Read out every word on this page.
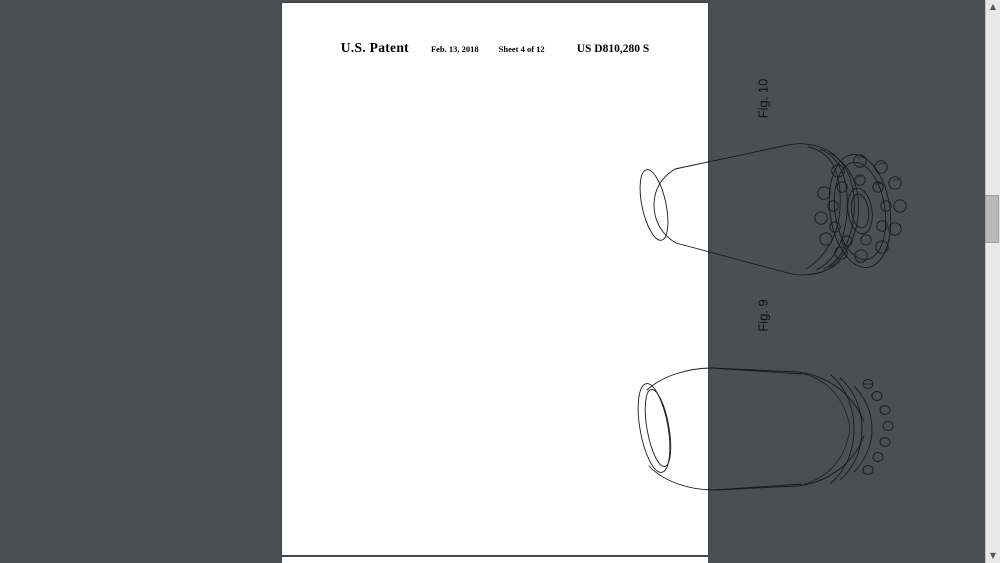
U.S. Patent	Feb. 13, 2018 Sheet 4 of 12	US D810,280 S
Fig. 10
Fig. 9
▲
▼
